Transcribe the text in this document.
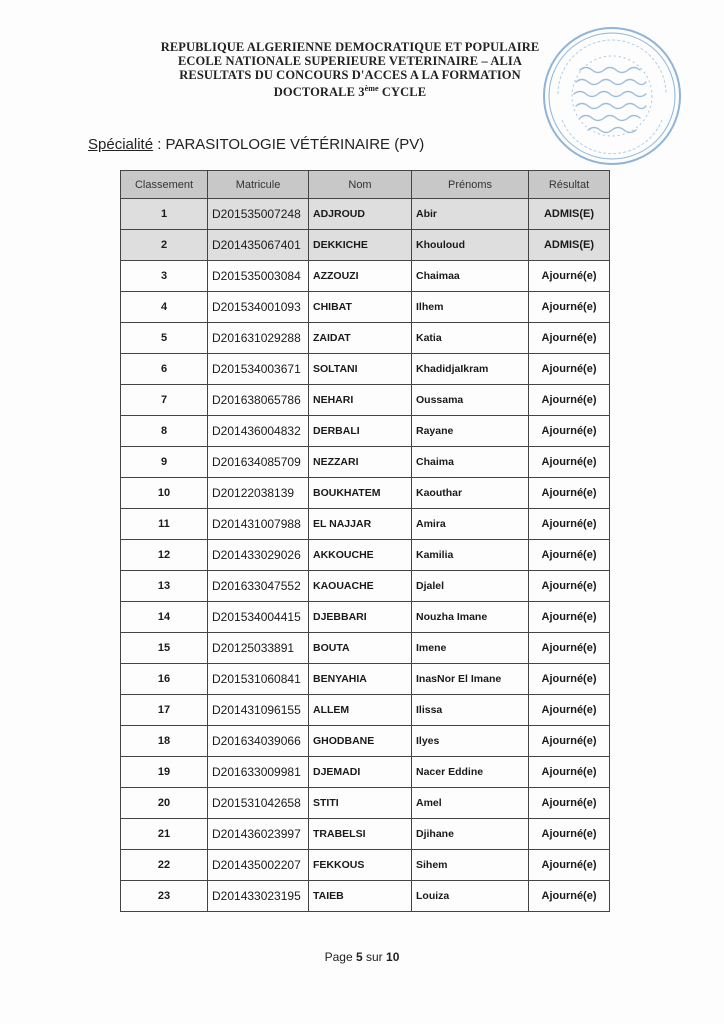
REPUBLIQUE ALGERIENNE DEMOCRATIQUE ET POPULAIRE
ECOLE NATIONALE SUPERIEURE VETERINAIRE – ALIA
RESULTATS DU CONCOURS D'ACCES A LA FORMATION
DOCTORALE 3ème CYCLE
Spécialité : PARASITOLOGIE VÉTÉRINAIRE (PV)
Classement	Matricule	Nom	Prénoms	Résultat
1	D201535007248	ADJROUD	Abir	ADMIS(E)
2	D201435067401	DEKKICHE	Khouloud	ADMIS(E)
3	D201535003084	AZZOUZI	Chaimaa	Ajourné(e)
4	D201534001093	CHIBAT	Ilhem	Ajourné(e)
5	D201631029288	ZAIDAT	Katia	Ajourné(e)
6	D201534003671	SOLTANI	KhadidjaIkram	Ajourné(e)
7	D201638065786	NEHARI	Oussama	Ajourné(e)
8	D201436004832	DERBALI	Rayane	Ajourné(e)
9	D201634085709	NEZZARI	Chaima	Ajourné(e)
10	D20122038139	BOUKHATEM	Kaouthar	Ajourné(e)
11	D201431007988	EL NAJJAR	Amira	Ajourné(e)
12	D201433029026	AKKOUCHE	Kamilia	Ajourné(e)
13	D201633047552	KAOUACHE	Djalel	Ajourné(e)
14	D201534004415	DJEBBARI	Nouzha Imane	Ajourné(e)
15	D20125033891	BOUTA	Imene	Ajourné(e)
16	D201531060841	BENYAHIA	InasNor El Imane	Ajourné(e)
17	D201431096155	ALLEM	Ilissa	Ajourné(e)
18	D201634039066	GHODBANE	Ilyes	Ajourné(e)
19	D201633009981	DJEMADI	Nacer Eddine	Ajourné(e)
20	D201531042658	STITI	Amel	Ajourné(e)
21	D201436023997	TRABELSI	Djihane	Ajourné(e)
22	D201435002207	FEKKOUS	Sihem	Ajourné(e)
23	D201433023195	TAIEB	Louiza	Ajourné(e)
Page 5 sur 10
